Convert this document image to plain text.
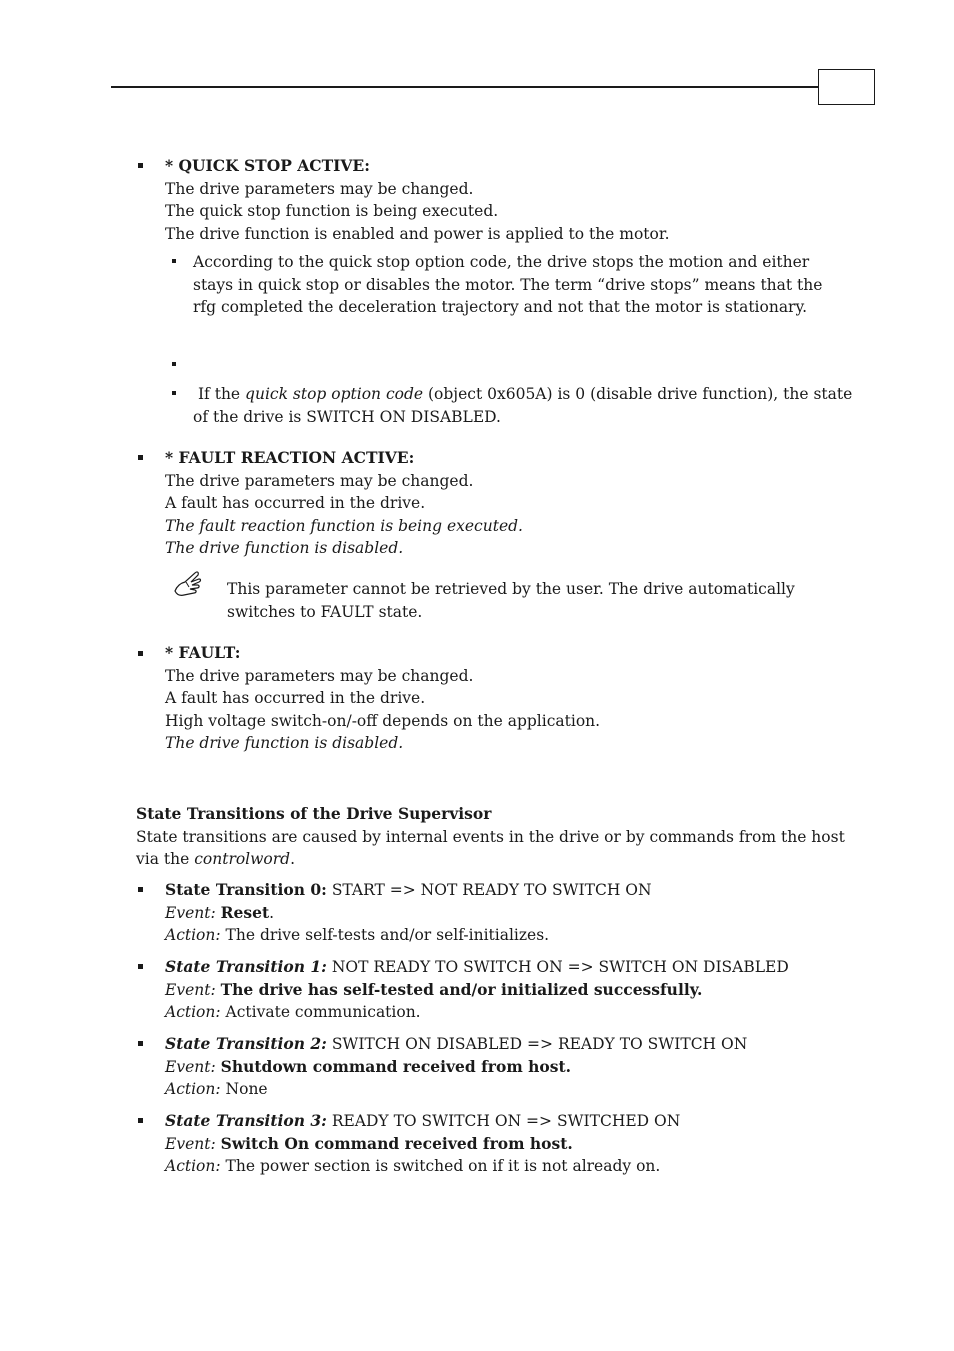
* QUICK STOP ACTIVE:
The drive parameters may be changed.
The quick stop function is being executed.
The drive function is enabled and power is applied to the motor.
According to the quick stop option code, the drive stops the motion and either
stays in quick stop or disables the motor. The term “drive stops” means that the
rfg completed the deceleration trajectory and not that the motor is stationary.
If the quick stop option code (object 0x605A) is 0 (disable drive function), the state
of the drive is SWITCH ON DISABLED.
* FAULT REACTION ACTIVE:
The drive parameters may be changed.
A fault has occurred in the drive.
The fault reaction function is being executed.
The drive function is disabled.
This parameter cannot be retrieved by the user. The drive automatically
switches to FAULT state.
* FAULT:
The drive parameters may be changed.
A fault has occurred in the drive.
High voltage switch-on/-off depends on the application.
The drive function is disabled.
State Transitions of the Drive Supervisor
State transitions are caused by internal events in the drive or by commands from the host
via the controlword.
State Transition 0: START => NOT READY TO SWITCH ON
Event: Reset.
Action: The drive self-tests and/or self-initializes.
State Transition 1: NOT READY TO SWITCH ON => SWITCH ON DISABLED
Event: The drive has self-tested and/or initialized successfully.
Action: Activate communication.
State Transition 2: SWITCH ON DISABLED => READY TO SWITCH ON
Event: Shutdown command received from host.
Action: None
State Transition 3: READY TO SWITCH ON => SWITCHED ON
Event: Switch On command received from host.
Action: The power section is switched on if it is not already on.
